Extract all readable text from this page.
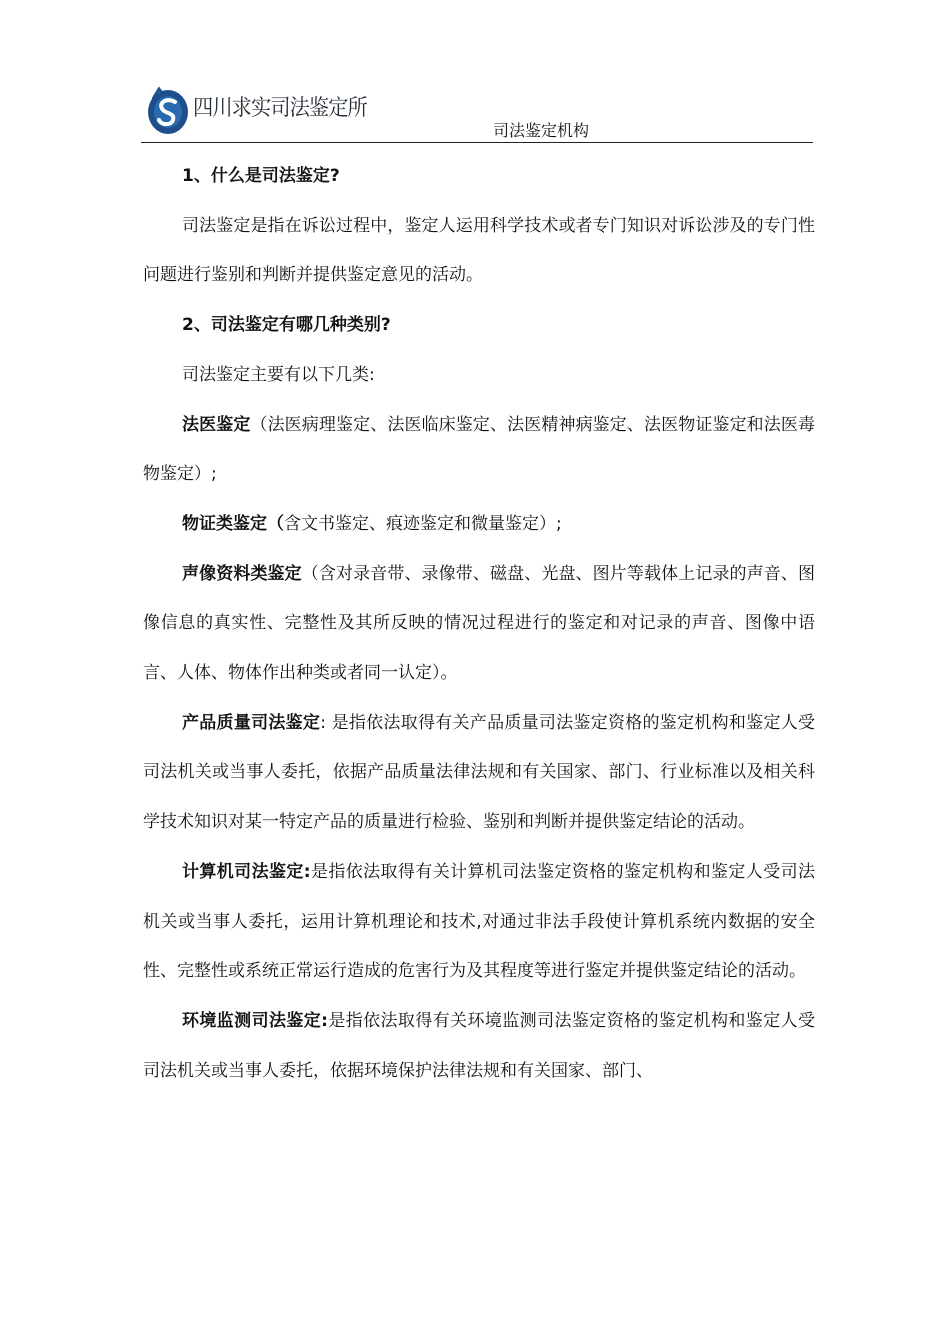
四川求实司法鉴定所
司法鉴定机构

1、什么是司法鉴定?

司法鉴定是指在诉讼过程中，鉴定人运用科学技术或者专门知识对诉讼涉及的专门性问题进行鉴别和判断并提供鉴定意见的活动。

2、司法鉴定有哪几种类别?

司法鉴定主要有以下几类:

法医鉴定（法医病理鉴定、法医临床鉴定、法医精神病鉴定、法医物证鉴定和法医毒物鉴定）;

物证类鉴定（含文书鉴定、痕迹鉴定和微量鉴定）;

声像资料类鉴定（含对录音带、录像带、磁盘、光盘、图片等载体上记录的声音、图像信息的真实性、完整性及其所反映的情况过程进行的鉴定和对记录的声音、图像中语言、人体、物体作出种类或者同一认定）。

产品质量司法鉴定: 是指依法取得有关产品质量司法鉴定资格的鉴定机构和鉴定人受司法机关或当事人委托，依据产品质量法律法规和有关国家、部门、行业标准以及相关科学技术知识对某一特定产品的质量进行检验、鉴别和判断并提供鉴定结论的活动。

计算机司法鉴定:是指依法取得有关计算机司法鉴定资格的鉴定机构和鉴定人受司法机关或当事人委托，运用计算机理论和技术,对通过非法手段使计算机系统内数据的安全性、完整性或系统正常运行造成的危害行为及其程度等进行鉴定并提供鉴定结论的活动。

环境监测司法鉴定:是指依法取得有关环境监测司法鉴定资格的鉴定机构和鉴定人受司法机关或当事人委托，依据环境保护法律法规和有关国家、部门、
